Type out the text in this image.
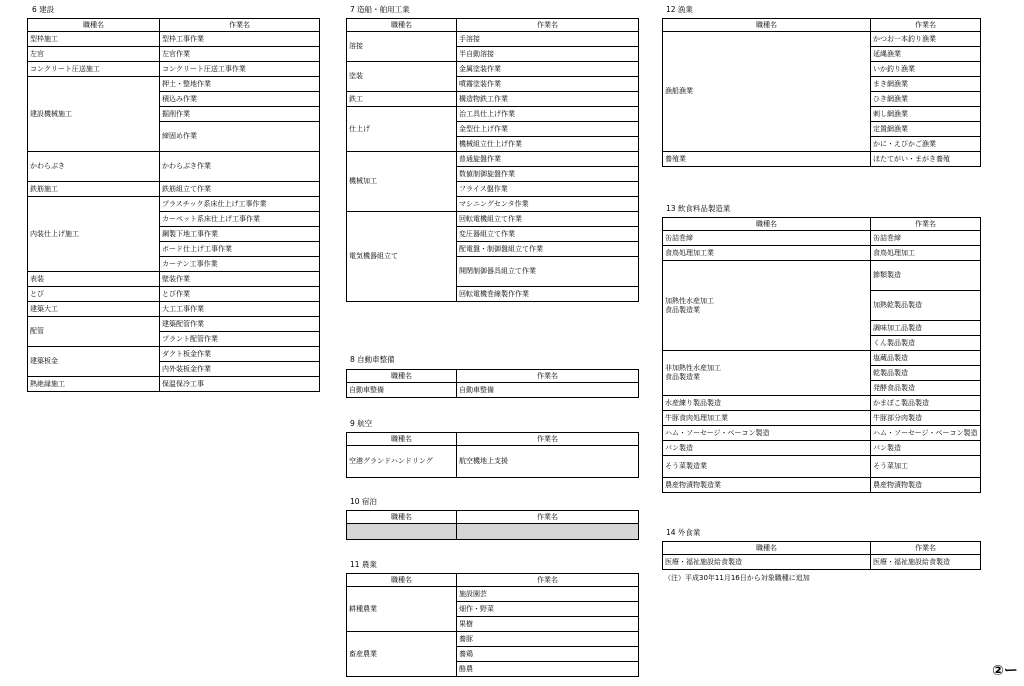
6 建設
職種名	作業名
型枠施工	型枠工事作業
左官	左官作業
コンクリート圧送施工	コンクリート圧送工事作業
建設機械施工	押土・整地作業
	積込み作業
	掘削作業
	締固め作業
かわらぶき	かわらぶき作業
鉄筋施工	鉄筋組立て作業
内装仕上げ施工	プラスチック系床仕上げ工事作業
	カーペット系床仕上げ工事作業
	鋼製下地工事作業
	ボード仕上げ工事作業
	カーテン工事作業
表装	壁装作業
とび	とび作業
建築大工	大工工事作業
配管	建築配管作業
	プラント配管作業
建築板金	ダクト板金作業
	内外装板金作業
熱絶縁施工	保温保冷工事
7 造船・舶用工業
職種名	作業名
溶接	手溶接
	半自動溶接
塗装	金属塗装作業
	噴霧塗装作業
鉄工	構造物鉄工作業
仕上げ	治工具仕上げ作業
	金型仕上げ作業
	機械組立仕上げ作業
機械加工	普通旋盤作業
	数値制御旋盤作業
	フライス盤作業
	マシニングセンタ作業
電気機器組立て	回転電機組立て作業
	変圧器組立て作業
	配電盤・制御盤組立て作業
	開閉制御器具組立て作業
	回転電機巻線製作作業
8 自動車整備
職種名	作業名
自動車整備	自動車整備
9 航空
職種名	作業名
空港グランドハンドリング	航空機地上支援
10 宿泊
職種名	作業名

11 農業
職種名	作業名
耕種農業	施設園芸
	畑作・野菜
	果樹
畜産農業	養豚
	養鶏
	酪農
12 漁業
職種名	作業名
漁船漁業	かつお一本釣り漁業
	延縄漁業
	いか釣り漁業
	まき網漁業
	ひき網漁業
	刺し網漁業
	定置網漁業
	かに・えびかご漁業
養殖業	ほたてがい・まがき養殖
13 飲食料品製造業
職種名	作業名
缶詰巻締	缶詰巻締
食鳥処理加工業	食鳥処理加工
加熱性水産加工
食品製造業	節類製造
	加熱乾製品製造
	調味加工品製造
	くん製品製造
非加熱性水産加工
食品製造業	塩蔵品製造
	乾製品製造
	発酵食品製造
水産練り製品製造	かまぼこ製品製造
牛豚食肉処理加工業	牛豚部分肉製造
ハム・ソーセージ・ベーコン製造	ハム・ソーセージ・ベーコン製造
パン製造	パン製造
そう菜製造業	そう菜加工
農産物漬物製造業	農産物漬物製造
14 外食業
職種名	作業名
医療・福祉施設給食製造	医療・福祉施設給食製造
（注）平成30年11月16日から対象職種に追加
②ー
